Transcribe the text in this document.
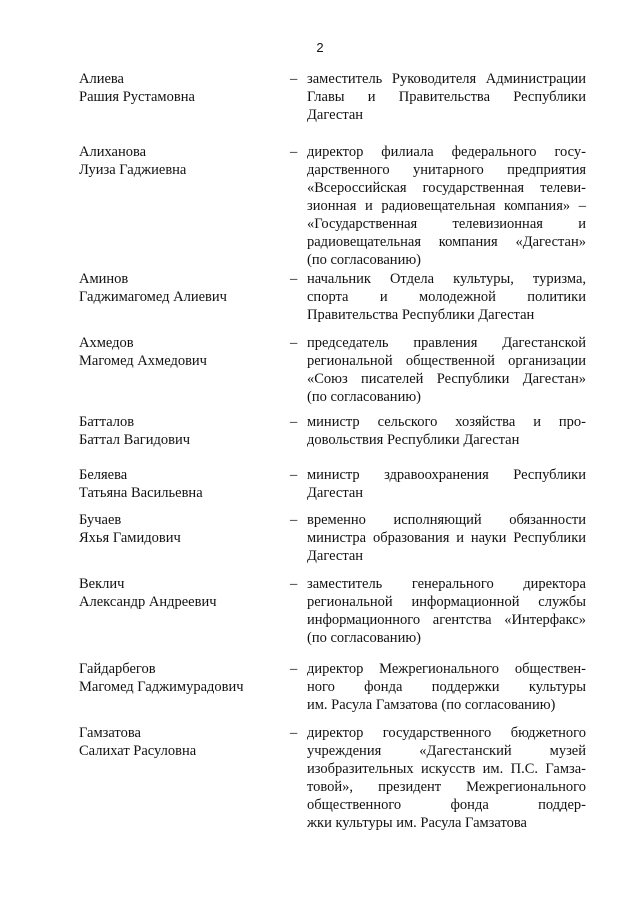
2
Алиева
Рашия Рустамовна
– заместитель Руководителя Администрации
Главы и Правительства Республики
Дагестан
Алиханова
Луиза Гаджиевна
– директор филиала федерального госу-
дарственного унитарного предприятия
«Всероссийская государственная телеви-
зионная и радиовещательная компания» –
«Государственная телевизионная и
радиовещательная компания «Дагестан»
(по согласованию)
Аминов
Гаджимагомед Алиевич
– начальник Отдела культуры, туризма,
спорта и молодежной политики
Правительства Республики Дагестан
Ахмедов
Магомед Ахмедович
– председатель правления Дагестанской
региональной общественной организации
«Союз писателей Республики Дагестан»
(по согласованию)
Батталов
Баттал Вагидович
– министр сельского хозяйства и про-
довольствия Республики Дагестан
Беляева
Татьяна Васильевна
– министр здравоохранения Республики
Дагестан
Бучаев
Яхья Гамидович
– временно исполняющий обязанности
министра образования и науки Республики
Дагестан
Веклич
Александр Андреевич
– заместитель генерального директора
региональной информационной службы
информационного агентства «Интерфакс»
(по согласованию)
Гайдарбегов
Магомед Гаджимурадович
– директор Межрегионального обществен-
ного фонда поддержки культуры
им. Расула Гамзатова (по согласованию)
Гамзатова
Салихат Расуловна
– директор государственного бюджетного
учреждения «Дагестанский музей
изобразительных искусств им. П.С. Гамза-
товой», президент Межрегионального
общественного фонда поддер-
жки культуры им. Расула Гамзатова
